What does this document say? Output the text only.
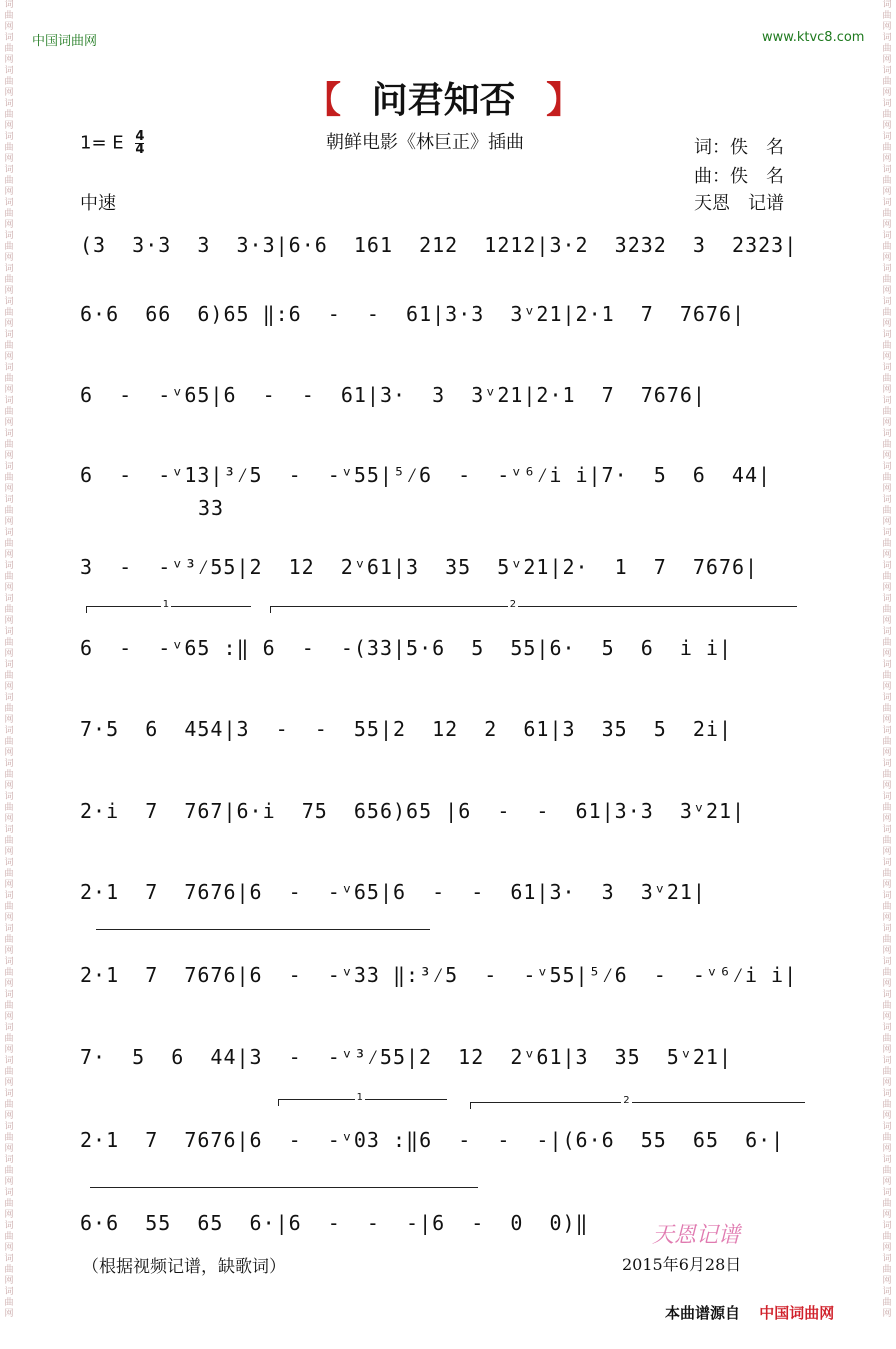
词曲网词曲网词曲网词曲网词曲网词曲网词曲网词曲网词曲网词曲网词曲网词曲网词曲网词曲网词曲网词曲网词曲网词曲网词曲网词曲网词曲网词曲网词曲网词曲网词曲网词曲网词曲网词曲网词曲网词曲网词曲网词曲网词曲网词曲网词曲网词曲网词曲网词曲网词曲网词曲网
词曲网词曲网词曲网词曲网词曲网词曲网词曲网词曲网词曲网词曲网词曲网词曲网词曲网词曲网词曲网词曲网词曲网词曲网词曲网词曲网词曲网词曲网词曲网词曲网词曲网词曲网词曲网词曲网词曲网词曲网词曲网词曲网词曲网词曲网词曲网词曲网词曲网词曲网词曲网词曲网
中国词曲网	www.ktvc8.com
【 问君知否 】
1= E $\frac{4}{4}$	朝鲜电影《林巨正》插曲	词：佚　名
曲：佚　名
天恩　记谱
中速
(3  3·3  3  3·3|6·6  161  212  1212|3·2  3232  3  2323|
6·6  66  6)65 ‖:6  -  -  61|3·3  3ᵛ21|2·1  7  7676|
6  -  -ᵛ65|6  -  -  61|3·  3  3ᵛ21|2·1  7  7676|
6  -  -ᵛ13|³⁄5  -  -ᵛ55|⁵⁄6  -  -ᵛ⁶⁄i i|7·  5  6  44|
33
3  -  -ᵛ³⁄55|2  12  2ᵛ61|3  35  5ᵛ21|2·  1  7  7676|
1	2
6  -  -ᵛ65 :‖ 6  -  -(33|5·6  5  55|6·  5  6  i i|
7·5  6  454|3  -  -  55|2  12  2  61|3  35  5  2i|
2·i  7  767|6·i  75  656)65 |6  -  -  61|3·3  3ᵛ21|
2·1  7  7676|6  -  -ᵛ65|6  -  -  61|3·  3  3ᵛ21|
2·1  7  7676|6  -  -ᵛ33 ‖:³⁄5  -  -ᵛ55|⁵⁄6  -  -ᵛ⁶⁄i i|
7·  5  6  44|3  -  -ᵛ³⁄55|2  12  2ᵛ61|3  35  5ᵛ21|
1	2
2·1  7  7676|6  -  -ᵛ03 :‖6  -  -  -|(6·6  55  65  6·|
6·6  55  65  6·|6  -  -  -|6  -  0  0)‖
（根据视频记谱，缺歌词）
天恩记谱
2015年6月28日
本曲谱源自 中国词曲网
